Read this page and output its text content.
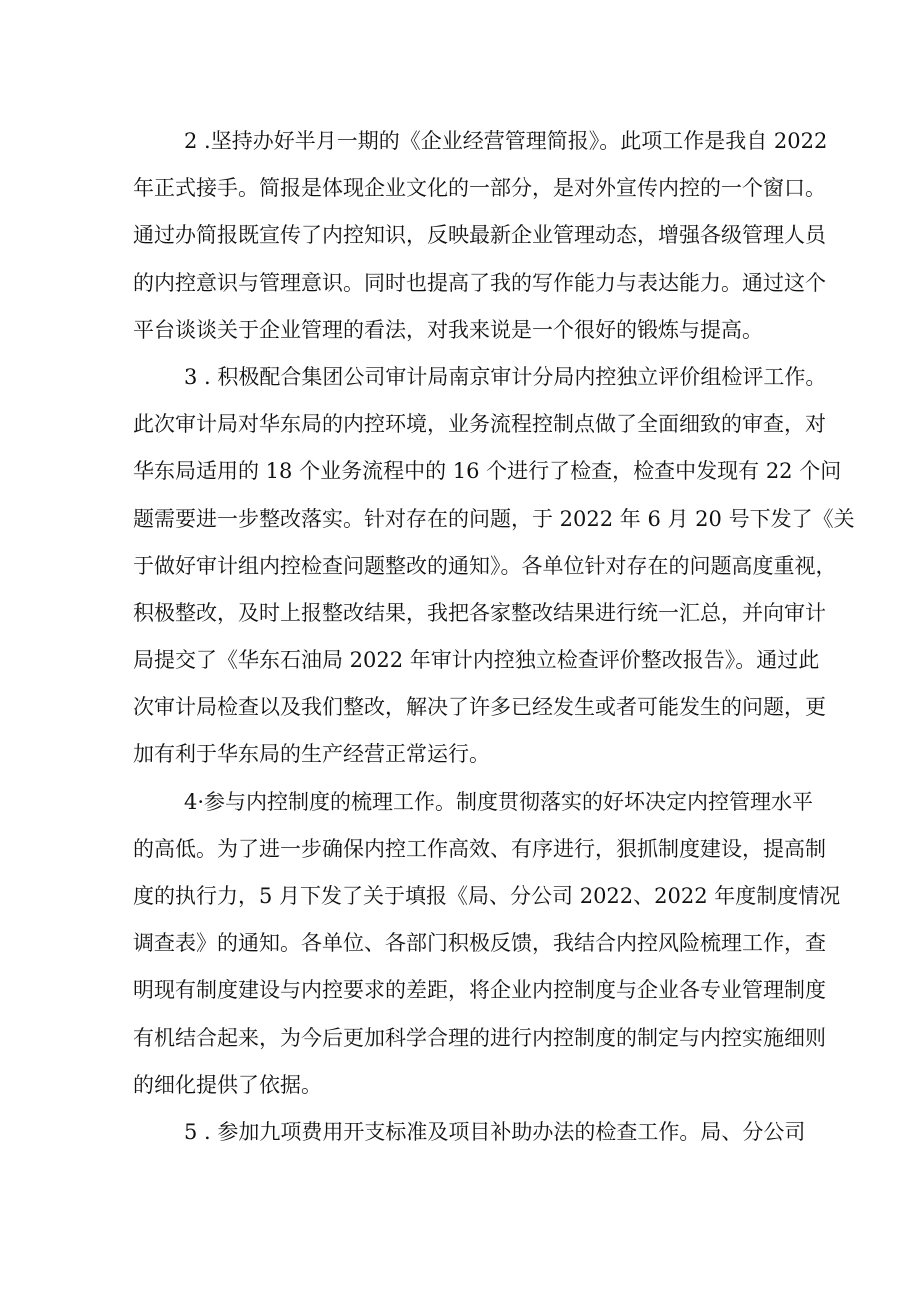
2 .坚持办好半月一期的《企业经营管理简报》。此项工作是我自 2022
年正式接手。简报是体现企业文化的一部分，是对外宣传内控的一个窗口。
通过办简报既宣传了内控知识，反映最新企业管理动态，增强各级管理人员
的内控意识与管理意识。同时也提高了我的写作能力与表达能力。通过这个
平台谈谈关于企业管理的看法，对我来说是一个很好的锻炼与提高。
3 . 积极配合集团公司审计局南京审计分局内控独立评价组检评工作。
此次审计局对华东局的内控环境，业务流程控制点做了全面细致的审查，对
华东局适用的 18 个业务流程中的 16 个进行了检查，检查中发现有 22 个问
题需要进一步整改落实。针对存在的问题，于 2022 年 6 月 20 号下发了《关
于做好审计组内控检查问题整改的通知》。各单位针对存在的问题高度重视，
积极整改，及时上报整改结果，我把各家整改结果进行统一汇总，并向审计
局提交了《华东石油局 2022 年审计内控独立检查评价整改报告》。通过此
次审计局检查以及我们整改，解决了许多已经发生或者可能发生的问题，更
加有利于华东局的生产经营正常运行。
4·参与内控制度的梳理工作。制度贯彻落实的好坏决定内控管理水平
的高低。为了进一步确保内控工作高效、有序进行，狠抓制度建设，提高制
度的执行力，5 月下发了关于填报《局、分公司 2022、2022 年度制度情况
调查表》的通知。各单位、各部门积极反馈，我结合内控风险梳理工作，查
明现有制度建设与内控要求的差距，将企业内控制度与企业各专业管理制度
有机结合起来，为今后更加科学合理的进行内控制度的制定与内控实施细则
的细化提供了依据。
5 . 参加九项费用开支标准及项目补助办法的检查工作。局、分公司
